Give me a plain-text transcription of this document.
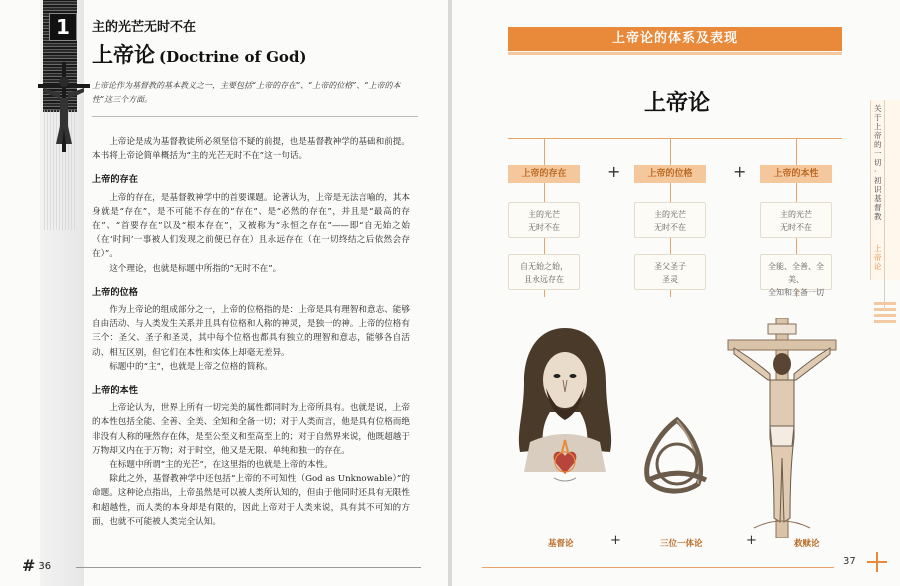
1	主的光芒无时不在
上帝论 (Doctrine of God)
上帝论作为基督教的基本教义之一，主要包括“上帝的存在”、“上帝的位格”、“上帝的本性”这三个方面。

上帝论是成为基督教徒所必须坚信不疑的前提，也是基督教神学的基础和前提。本书将上帝论简单概括为“主的光芒无时不在”这一句话。

上帝的存在

上帝的存在，是基督教神学中的首要课题。论著认为，上帝是无法言喻的，其本身就是“存在”，是不可能不存在的“存在”、是“必然的存在”，并且是“最高的存在”、“首要存在”以及“根本存在”，又被称为“永恒之存在”——即“自无始之始（在‘时间’一事被人们发现之前便已存在）且永远存在（在一切终结之后依然会存在）”。

这个理论，也就是标题中所指的“无时不在”。

上帝的位格

作为上帝论的组成部分之一，上帝的位格指的是：上帝是具有理智和意志、能够自由活动、与人类发生关系并且具有位格和人称的神灵，是独一的神。上帝的位格有三个：圣父、圣子和圣灵，其中每个位格也都具有独立的理智和意志，能够各自活动、相互区别，但它们在本性和实体上却毫无差异。

标题中的“主”，也就是上帝之位格的简称。

上帝的本性

上帝论认为，世界上所有一切完美的属性都同时为上帝所具有。也就是说，上帝的本性包括全能、全善、全美、全知和全备一切；对于人类而言，他是具有位格而绝非没有人称的哑然存在体，是至公至义和至高至上的；对于自然界来说，他既超越于万物却又内在于万物；对于时空，他又是无限、单纯和独一的存在。

在标题中所谓“主的光芒”，在这里指的也就是上帝的本性。

除此之外，基督教神学中还包括“上帝的不可知性（God as Unknowable）”的命题。这种论点指出，上帝虽然是可以被人类所认知的，但由于他同时还具有无限性和超越性，而人类的本身却是有限的，因此上帝对于人类来说，具有其不可知的方面，也就不可能被人类完全认知。

# 36
上帝论的体系及表现
上帝论
上帝的存在	+	上帝的位格	+	上帝的本性
主的光芒
无时不在
主的光芒
无时不在
主的光芒
无时不在
自无始之始，
且永远存在
圣父圣子
圣灵
全能、全善、全美、
全知和全备一切
基督论	+	三位一体论	+	救赎论
关于上帝的一切 · 初识基督教
上帝论
37
